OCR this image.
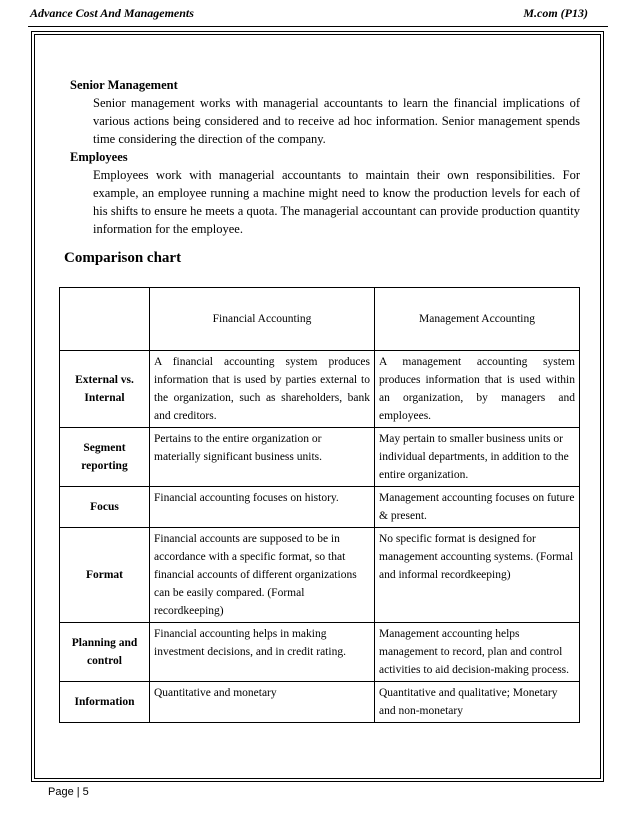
Advance Cost And Managements	M.com (P13)
Senior Management

Senior management works with managerial accountants to learn the financial implications of various actions being considered and to receive ad hoc information. Senior management spends time considering the direction of the company.

Employees

Employees work with managerial accountants to maintain their own responsibilities. For example, an employee running a machine might need to know the production levels for each of his shifts to ensure he meets a quota. The managerial accountant can provide production quantity information for the employee.

Comparison chart
	Financial Accounting	Management Accounting
External vs. Internal	A financial accounting system produces information that is used by parties external to the organization, such as shareholders, bank and creditors.	A management accounting system produces information that is used within an organization, by managers and employees.
Segment reporting	Pertains to the entire organization or materially significant business units.	May pertain to smaller business units or individual departments, in addition to the entire organization.
Focus	Financial accounting focuses on history.	Management accounting focuses on future & present.
Format	Financial accounts are supposed to be in accordance with a specific format, so that financial accounts of different organizations can be easily compared. (Formal recordkeeping)	No specific format is designed for management accounting systems. (Formal and informal recordkeeping)
Planning and control	Financial accounting helps in making investment decisions, and in credit rating.	Management accounting helps management to record, plan and control activities to aid decision-making process.
Information	Quantitative and monetary	Quantitative and qualitative; Monetary and non-monetary
Page | 5
